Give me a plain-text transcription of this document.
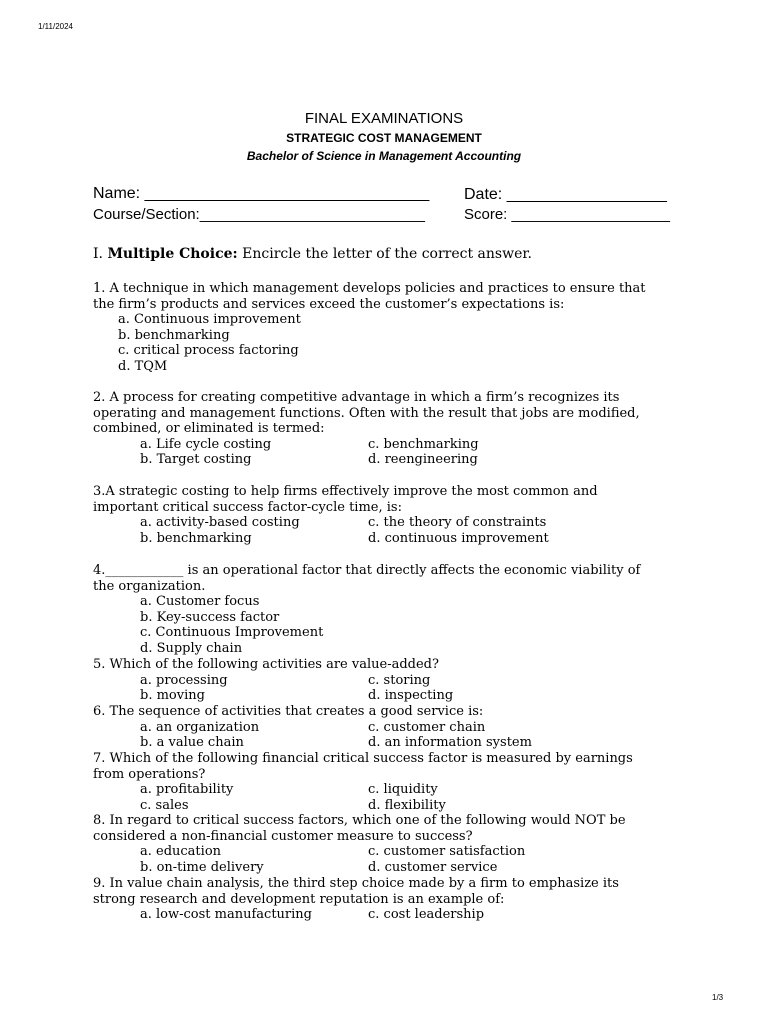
1/11/2024
1/3
FINAL EXAMINATIONS
STRATEGIC COST MANAGEMENT
Bachelor of Science in Management Accounting
Name: ________________________________ Date: __________________
Course/Section:___________________________	Score: ___________________
I. Multiple Choice: Encircle the letter of the correct answer.

1. A technique in which management develops policies and practices to ensure that

the firm’s products and services exceed the customer’s expectations is:

a. Continuous improvement

b. benchmarking

c. critical process factoring

d. TQM

2. A process for creating competitive advantage in which a firm’s recognizes its

operating and management functions. Often with the result that jobs are modified,

combined, or eliminated is termed:

a. Life cycle costing	c. benchmarking
b. Target costing	d. reengineering

3.A strategic costing to help firms effectively improve the most common and

important critical success factor-cycle time, is:

a. activity-based costing	c. the theory of constraints
b. benchmarking	d. continuous improvement

4.____________ is an operational factor that directly affects the economic viability of

the organization.

a. Customer focus

b. Key-success factor

c. Continuous Improvement

d. Supply chain

5. Which of the following activities are value-added?

a. processing	c. storing
b. moving	d. inspecting

6. The sequence of activities that creates a good service is:

a. an organization	c. customer chain
b. a value chain	d. an information system

7. Which of the following financial critical success factor is measured by earnings

from operations?

a. profitability	c. liquidity
c. sales	d. flexibility

8. In regard to critical success factors, which one of the following would NOT be

considered a non-financial customer measure to success?

a. education	c. customer satisfaction
b. on-time delivery	d. customer service

9. In value chain analysis, the third step choice made by a firm to emphasize its

strong research and development reputation is an example of:

a. low-cost manufacturing	c. cost leadership
